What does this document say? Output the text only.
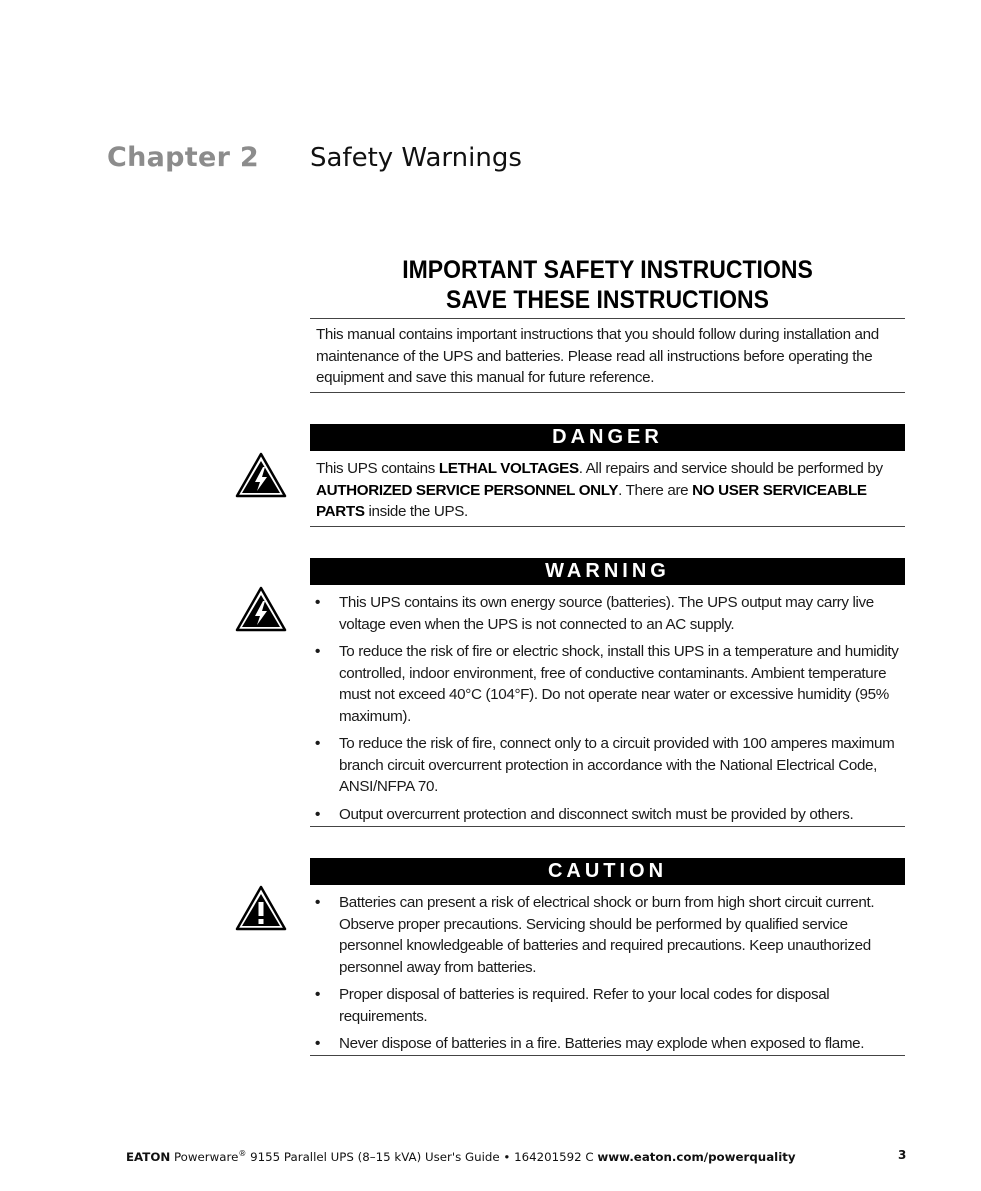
Chapter 2 Safety Warnings
IMPORTANT SAFETY INSTRUCTIONS
SAVE THESE INSTRUCTIONS
This manual contains important instructions that you should follow during installation and maintenance of the UPS and batteries. Please read all instructions before operating the equipment and save this manual for future reference.
DANGER
This UPS contains LETHAL VOLTAGES. All repairs and service should be performed by AUTHORIZED SERVICE PERSONNEL ONLY. There are NO USER SERVICEABLE PARTS inside the UPS.
WARNING
• This UPS contains its own energy source (batteries). The UPS output may carry live voltage even when the UPS is not connected to an AC supply.
• To reduce the risk of fire or electric shock, install this UPS in a temperature and humidity controlled, indoor environment, free of conductive contaminants. Ambient temperature must not exceed 40°C (104°F). Do not operate near water or excessive humidity (95% maximum).
• To reduce the risk of fire, connect only to a circuit provided with 100 amperes maximum branch circuit overcurrent protection in accordance with the National Electrical Code, ANSI/NFPA 70.
• Output overcurrent protection and disconnect switch must be provided by others.
CAUTION
• Batteries can present a risk of electrical shock or burn from high short circuit current. Observe proper precautions. Servicing should be performed by qualified service personnel knowledgeable of batteries and required precautions. Keep unauthorized personnel away from batteries.
• Proper disposal of batteries is required. Refer to your local codes for disposal requirements.
• Never dispose of batteries in a fire. Batteries may explode when exposed to flame.
EATON Powerware® 9155 Parallel UPS (8–15 kVA) User's Guide • 164201592 C www.eaton.com/powerquality	3
